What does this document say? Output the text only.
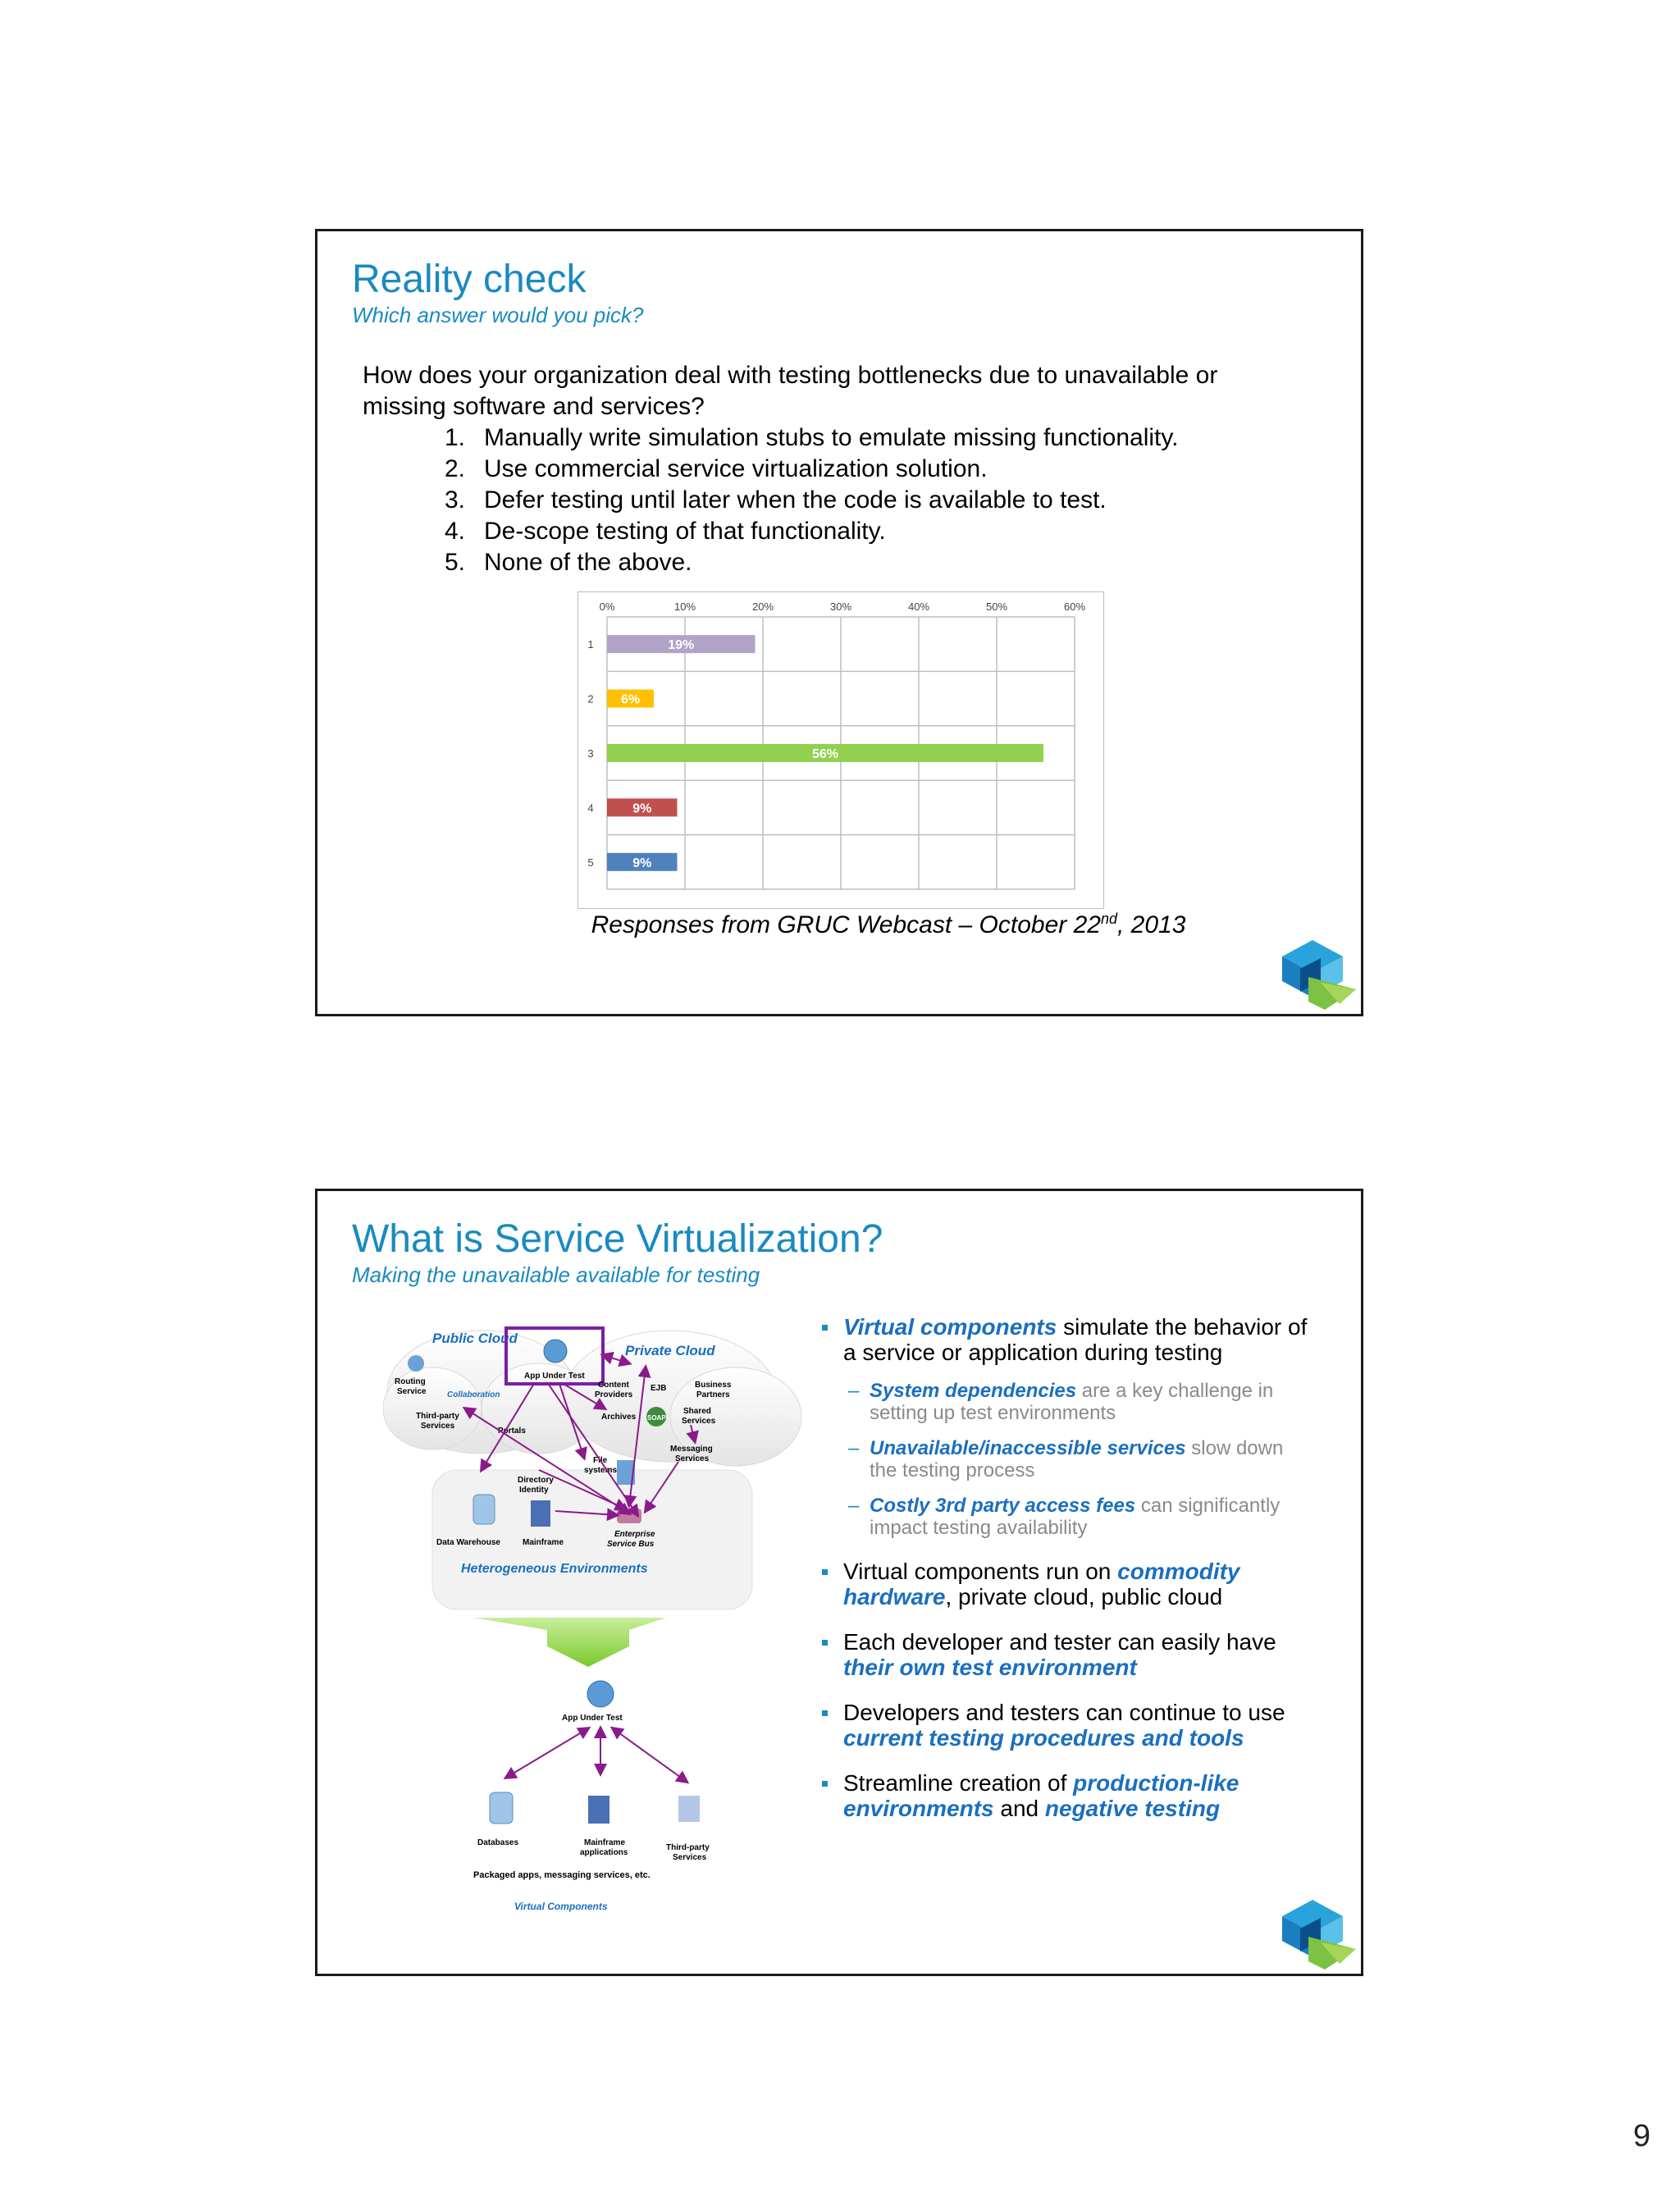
Reality check
Which answer would you pick?
How does your organization deal with testing bottlenecks due to unavailable or missing software and services?
1. Manually write simulation stubs to emulate missing functionality.
2. Use commercial service virtualization solution.
3. Defer testing until later when the code is available to test.
4. De-scope testing of that functionality.
5. None of the above.
0%	10%	20%	30%	40%	50%	60%
1	19%
2 6%
3	56%
4	9%
5	9%
Responses from GRUC Webcast – October 22nd, 2013
What is Service Virtualization?
Making the unavailable available for testing
Public Cloud
Private Cloud
App Under Test
Routing
Service	Collaboration
Third-party
Services
Portals
Content
Providers
Archives
EJB
SOAP
Business
Partners
Shared
Services
Messaging
Services
File
systems
Directory
Identity
Data Warehouse	Mainframe
Enterprise
Service Bus
Heterogeneous Environments
App Under Test
Databases	Mainframe
applications
Third-party
Services
Packaged apps, messaging services, etc.
Virtual Components
Virtual components simulate the behavior of a service or application during testing
– System dependencies are a key challenge in setting up test environments
– Unavailable/inaccessible services slow down the testing process
– Costly 3rd party access fees can significantly impact testing availability
Virtual components run on commodity hardware, private cloud, public cloud
Each developer and tester can easily have their own test environment
Developers and testers can continue to use current testing procedures and tools
Streamline creation of production-like environments and negative testing
9
